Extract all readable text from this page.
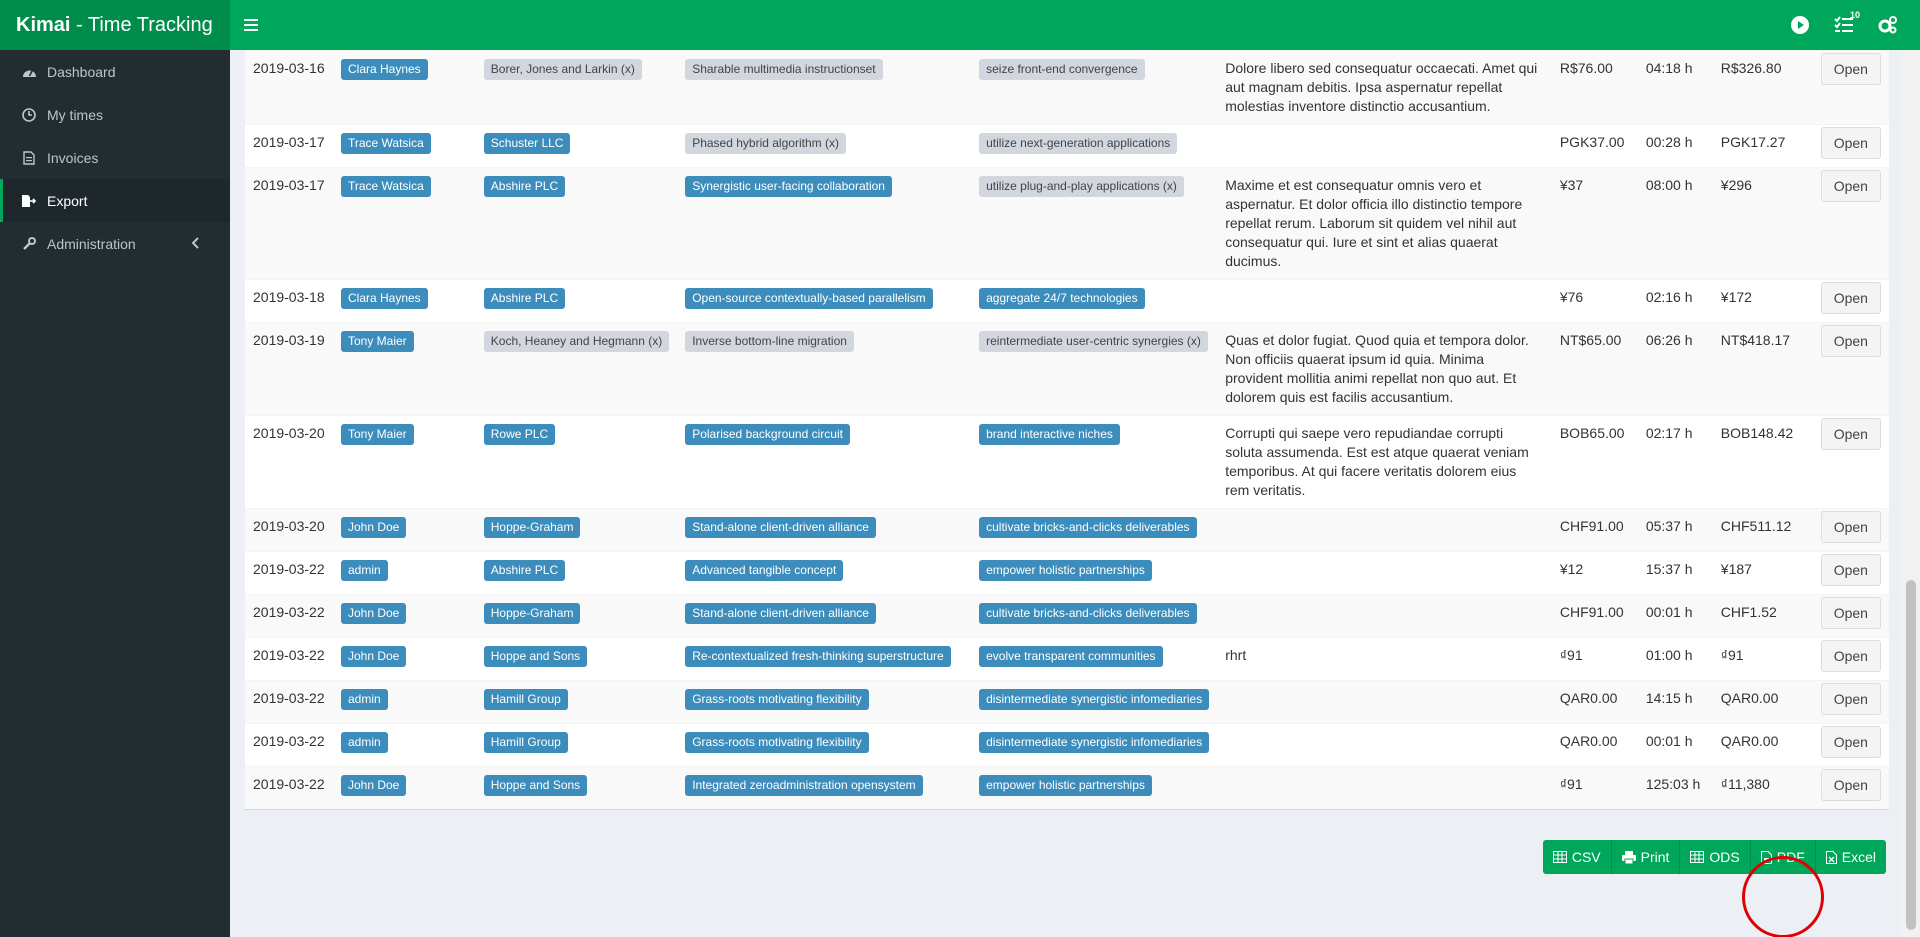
Kimai - Time Tracking	10
Dashboard
My times
Invoices
Export
Administration
2019-03-16	Clara Haynes	Borer, Jones and Larkin (x)	Sharable multimedia instructionset	seize front-end convergence	Dolore libero sed consequatur occaecati. Amet qui aut magnam debitis. Ipsa aspernatur repellat molestias inventore distinctio accusantium.	R$76.00	04:18 h	R$326.80	Open
2019-03-17	Trace Watsica	Schuster LLC	Phased hybrid algorithm (x)	utilize next-generation applications		PGK37.00	00:28 h	PGK17.27	Open
2019-03-17	Trace Watsica	Abshire PLC	Synergistic user-facing collaboration	utilize plug-and-play applications (x)	Maxime et est consequatur omnis vero et aspernatur. Et dolor officia illo distinctio tempore repellat rerum. Laborum sit quidem vel nihil aut consequatur qui. Iure et sint et alias quaerat ducimus.	¥37	08:00 h	¥296	Open
2019-03-18	Clara Haynes	Abshire PLC	Open-source contextually-based parallelism	aggregate 24/7 technologies		¥76	02:16 h	¥172	Open
2019-03-19	Tony Maier	Koch, Heaney and Hegmann (x)	Inverse bottom-line migration	reintermediate user-centric synergies (x)	Quas et dolor fugiat. Quod quia et tempora dolor. Non officiis quaerat ipsum id quia. Minima provident mollitia animi repellat non quo aut. Et dolorem quis est facilis accusantium.	NT$65.00	06:26 h	NT$418.17	Open
2019-03-20	Tony Maier	Rowe PLC	Polarised background circuit	brand interactive niches	Corrupti qui saepe vero repudiandae corrupti soluta assumenda. Est est atque quaerat veniam temporibus. At qui facere veritatis dolorem eius rem veritatis.	BOB65.00	02:17 h	BOB148.42	Open
2019-03-20	John Doe	Hoppe-Graham	Stand-alone client-driven alliance	cultivate bricks-and-clicks deliverables		CHF91.00	05:37 h	CHF511.12	Open
2019-03-22	admin	Abshire PLC	Advanced tangible concept	empower holistic partnerships		¥12	15:37 h	¥187	Open
2019-03-22	John Doe	Hoppe-Graham	Stand-alone client-driven alliance	cultivate bricks-and-clicks deliverables		CHF91.00	00:01 h	CHF1.52	Open
2019-03-22	John Doe	Hoppe and Sons	Re-contextualized fresh-thinking superstructure	evolve transparent communities	rhrt	₫91	01:00 h	₫91	Open
2019-03-22	admin	Hamill Group	Grass-roots motivating flexibility	disintermediate synergistic infomediaries		QAR0.00	14:15 h	QAR0.00	Open
2019-03-22	admin	Hamill Group	Grass-roots motivating flexibility	disintermediate synergistic infomediaries		QAR0.00	00:01 h	QAR0.00	Open
2019-03-22	John Doe	Hoppe and Sons	Integrated zeroadministration opensystem	empower holistic partnerships		₫91	125:03 h	₫11,380	Open
CSV	Print	ODS	PDF	Excel
